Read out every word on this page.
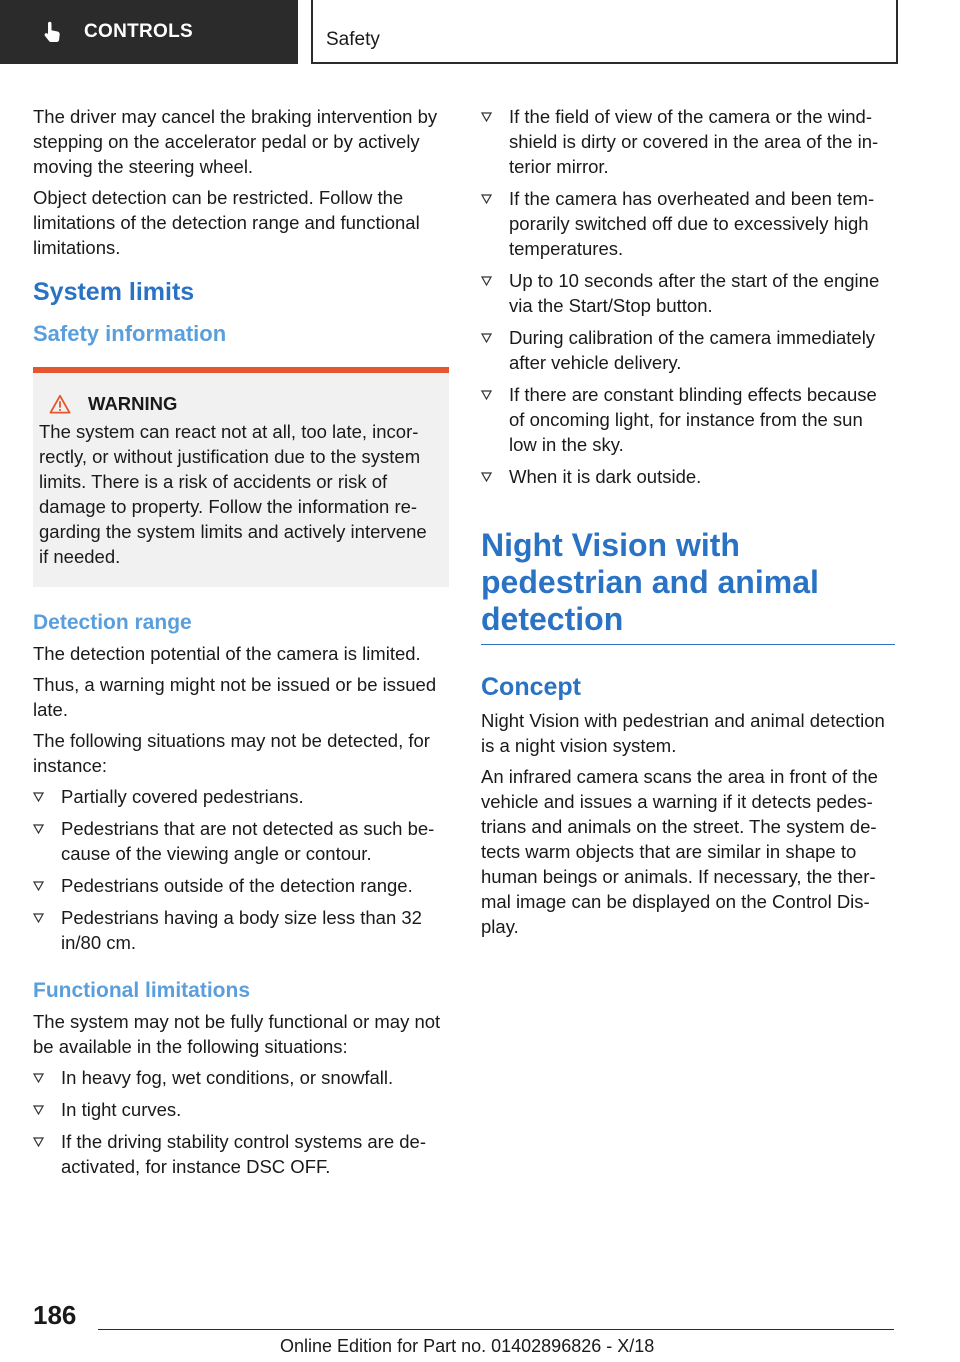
CONTROLS	Safety

The driver may cancel the braking intervention by stepping on the accelerator pedal or by actively moving the steering wheel.

Object detection can be restricted. Follow the limitations of the detection range and functional limitations.

System limits
Safety information
WARNING

The system can react not at all, too late, incorrectly, or without justification due to the system limits. There is a risk of accidents or risk of damage to property. Follow the information regarding the system limits and actively intervene if needed.

Detection range

The detection potential of the camera is limited.

Thus, a warning might not be issued or be issued late.

The following situations may not be detected, for instance:

Partially covered pedestrians.
Pedestrians that are not detected as such because of the viewing angle or contour.
Pedestrians outside of the detection range.
Pedestrians having a body size less than 32 in/80 cm.
Functional limitations

The system may not be fully functional or may not be available in the following situations:

In heavy fog, wet conditions, or snowfall.
In tight curves.
If the driving stability control systems are deactivated, for instance DSC OFF.
If the field of view of the camera or the windshield is dirty or covered in the area of the interior mirror.
If the camera has overheated and been temporarily switched off due to excessively high temperatures.
Up to 10 seconds after the start of the engine via the Start/Stop button.
During calibration of the camera immediately after vehicle delivery.
If there are constant blinding effects because of oncoming light, for instance from the sun low in the sky.
When it is dark outside.
Night Vision with pedestrian and animal detection
Concept

Night Vision with pedestrian and animal detection is a night vision system.

An infrared camera scans the area in front of the vehicle and issues a warning if it detects pedestrians and animals on the street. The system detects warm objects that are similar in shape to human beings or animals. If necessary, the thermal image can be displayed on the Control Display.

186
Online Edition for Part no. 01402896826 - X/18
